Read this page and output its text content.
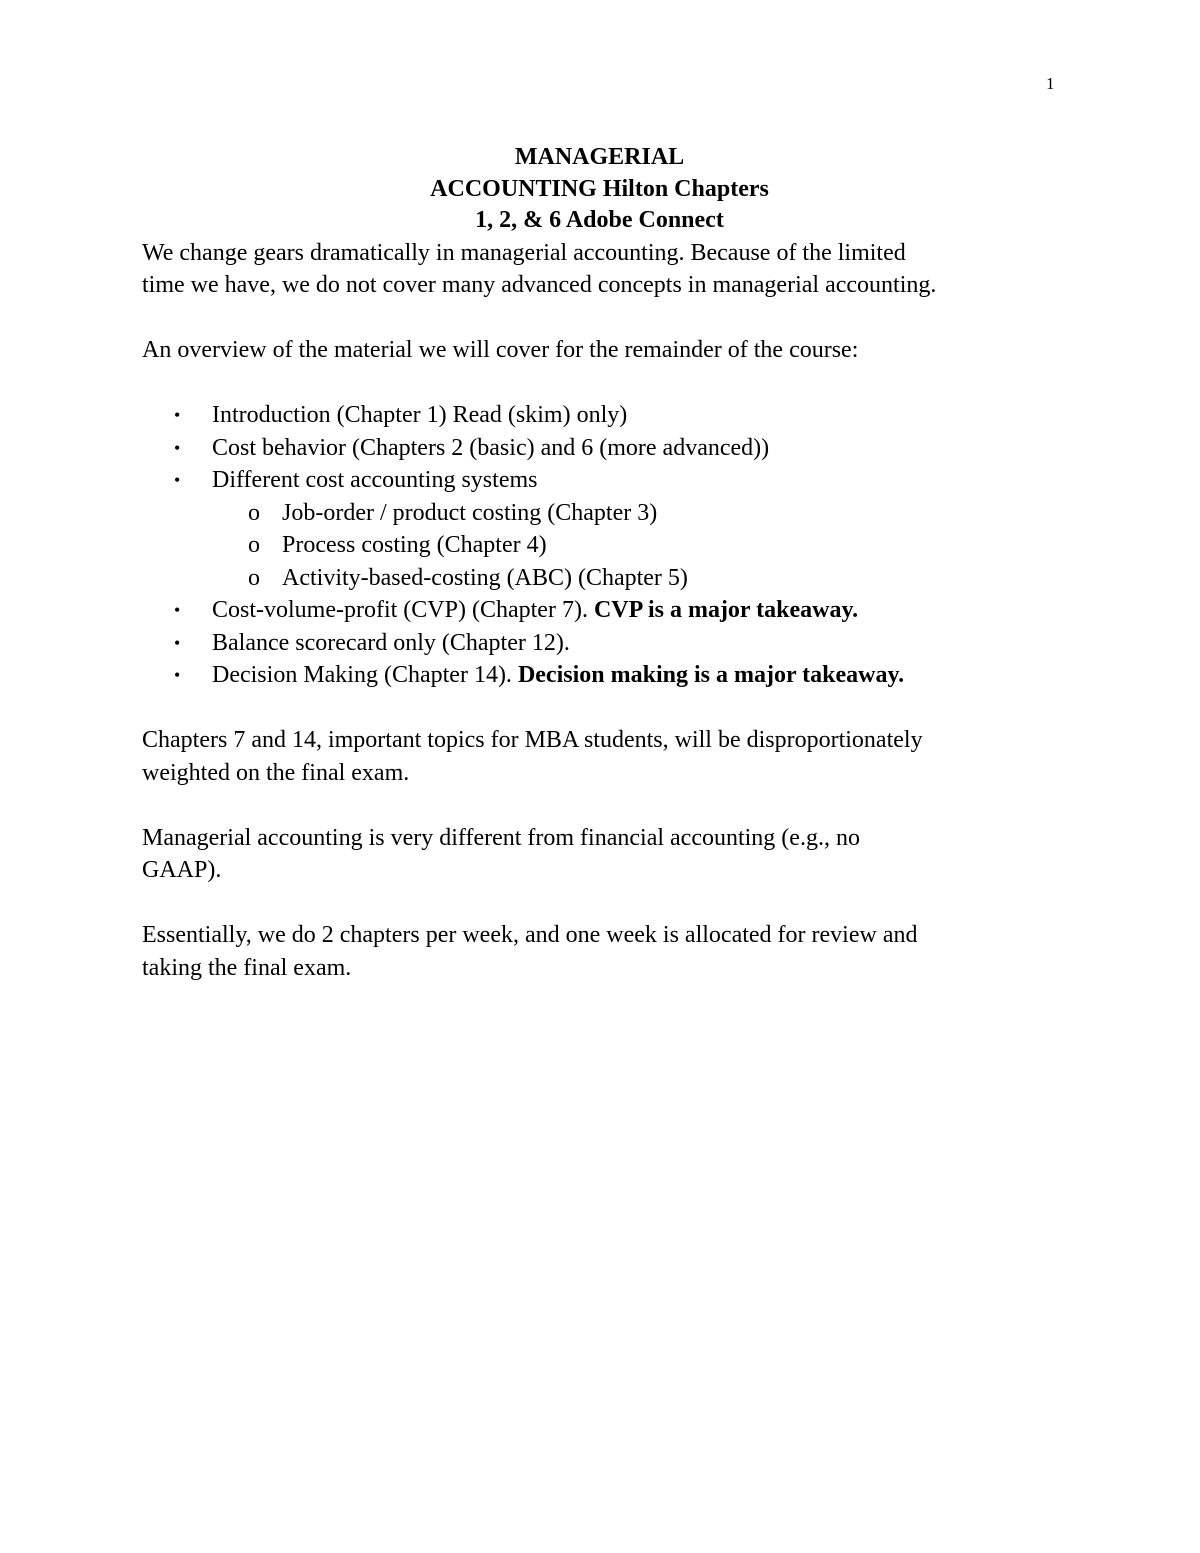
1
MANAGERIAL
ACCOUNTING Hilton Chapters
1, 2, & 6 Adobe Connect
We change gears dramatically in managerial accounting. Because of the limited
time we have, we do not cover many advanced concepts in managerial accounting.
An overview of the material we will cover for the remainder of the course:
• Introduction (Chapter 1) Read (skim) only)
• Cost behavior (Chapters 2 (basic) and 6 (more advanced))
• Different cost accounting systems
o Job-order / product costing (Chapter 3)
o Process costing (Chapter 4)
o Activity-based-costing (ABC) (Chapter 5)
• Cost-volume-profit (CVP) (Chapter 7). CVP is a major takeaway.
• Balance scorecard only (Chapter 12).
• Decision Making (Chapter 14). Decision making is a major takeaway.
Chapters 7 and 14, important topics for MBA students, will be disproportionately
weighted on the final exam.
Managerial accounting is very different from financial accounting (e.g., no
GAAP).
Essentially, we do 2 chapters per week, and one week is allocated for review and
taking the final exam.
